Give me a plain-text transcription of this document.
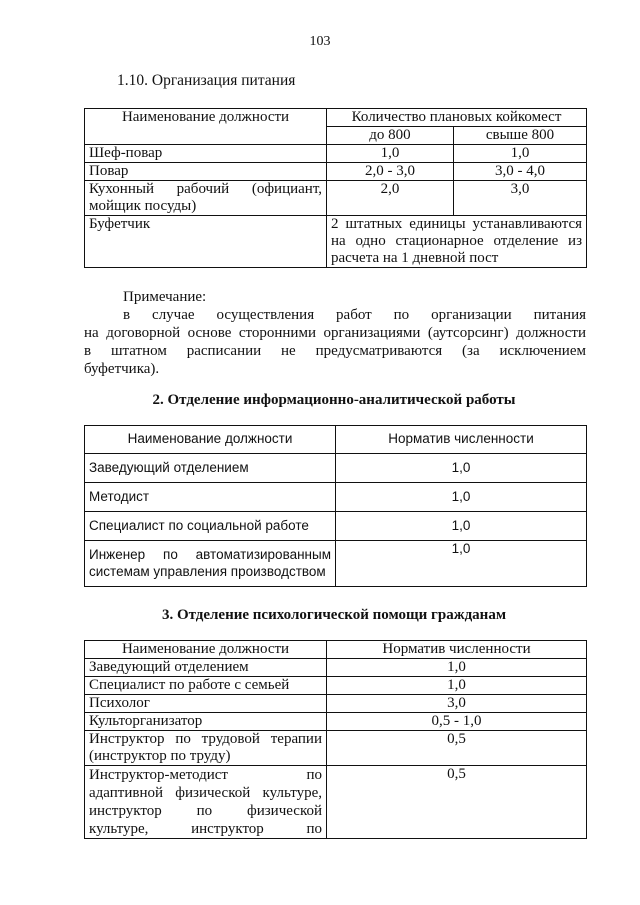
103
1.10. Организация питания
Наименование должности	Количество плановых койкомест	
	до 800	свыше 800
Шеф-повар	1,0	1,0
Повар	2,0 - 3,0	3,0 - 4,0

Кухонный рабочий (официант,
мойщик посуды)	2,0	3,0
Буфетчик	2 штатных единицы устанавливаются
на одно стационарное отделение из
расчета на 1 дневной пост	
Примечание:
в случае осуществления работ по организации питания
на договорной основе сторонними организациями (аутсорсинг) должности
в штатном расписании не предусматриваются (за исключением
буфетчика).
2. Отделение информационно-аналитической работы
Наименование должности	Норматив численности
Заведующий отделением	1,0
Методист	1,0
Специалист по социальной работе	1,0

Инженер по автоматизированным
системам управления производством	1,0
3. Отделение психологической помощи гражданам
Наименование должности	Норматив численности
Заведующий отделением	1,0
Специалист по работе с семьей	1,0
Психолог	3,0
Культорганизатор	0,5 - 1,0

Инструктор по трудовой терапии
(инструктор по труду)	0,5

Инструктор-методист по
адаптивной физической культуре,
инструктор по физической
культуре, инструктор по	0,5
